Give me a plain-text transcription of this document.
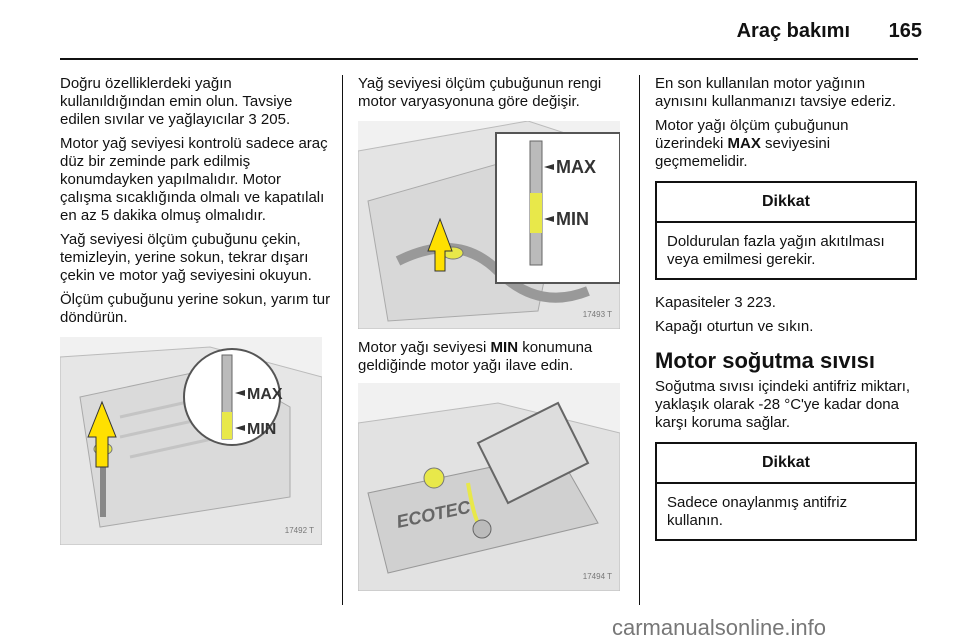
Araç bakımı	165

Doğru özelliklerdeki yağın kullanıldığından emin olun. Tavsiye edilen sıvılar ve yağlayıcılar 3 205.

Motor yağ seviyesi kontrolü sadece araç düz bir zeminde park edilmiş konumdayken yapılmalıdır. Motor çalışma sıcaklığında olmalı ve kapatılalı en az 5 dakika olmuş olmalıdır.

Yağ seviyesi ölçüm çubuğunu çekin, temizleyin, yerine sokun, tekrar dışarı çekin ve motor yağ seviyesini okuyun.

Ölçüm çubuğunu yerine sokun, yarım tur döndürün.

MAX
MIN
17492 T

Yağ seviyesi ölçüm çubuğunun rengi motor varyasyonuna göre değişir.

MAX
MIN
17493 T

Motor yağı seviyesi MIN konumuna geldiğinde motor yağı ilave edin.

ECOTEC
17494 T

En son kullanılan motor yağının aynısını kullanmanızı tavsiye ederiz.

Motor yağı ölçüm çubuğunun üzerindeki MAX seviyesini geçmemelidir.

Dikkat
Doldurulan fazla yağın akıtılması veya emilmesi gerekir.

Kapasiteler 3 223.

Kapağı oturtun ve sıkın.

Motor soğutma sıvısı

Soğutma sıvısı içindeki antifriz miktarı, yaklaşık olarak -28 °C'ye kadar dona karşı koruma sağlar.

Dikkat
Sadece onaylanmış antifriz kullanın.
carmanualsonline.info
